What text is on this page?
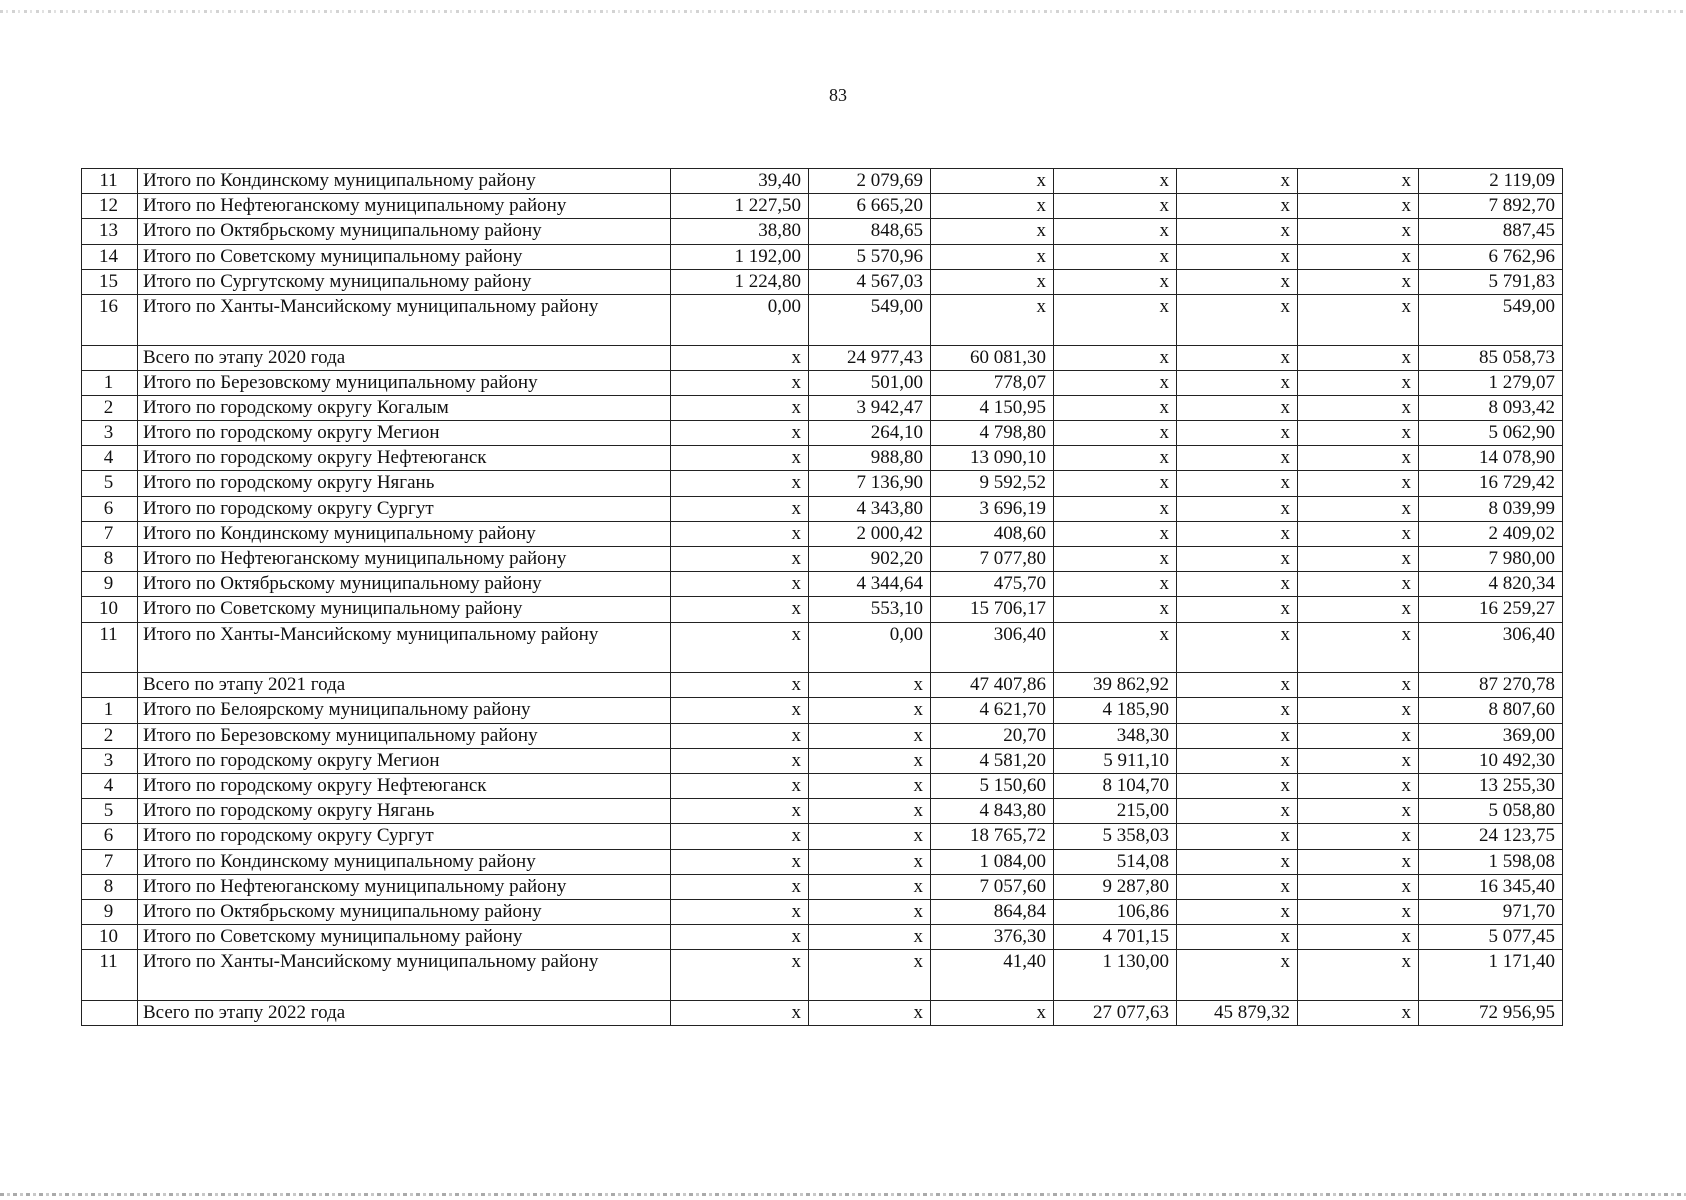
83
11	Итого по Кондинскому муниципальному району	39,40	2 079,69	х	х	х	х	2 119,09
12	Итого по Нефтеюганскому муниципальному району	1 227,50	6 665,20	х	х	х	х	7 892,70
13	Итого по Октябрьскому муниципальному району	38,80	848,65	х	х	х	х	887,45
14	Итого по Советскому муниципальному району	1 192,00	5 570,96	х	х	х	х	6 762,96
15	Итого по Сургутскому муниципальному району	1 224,80	4 567,03	х	х	х	х	5 791,83
16	Итого по Ханты-Мансийскому муниципальному району	0,00	549,00	х	х	х	х	549,00
	Всего по этапу 2020 года	х	24 977,43	60 081,30	х	х	х	85 058,73
1	Итого по Березовскому муниципальному району	х	501,00	778,07	х	х	х	1 279,07
2	Итого по городскому округу Когалым	х	3 942,47	4 150,95	х	х	х	8 093,42
3	Итого по городскому округу Мегион	х	264,10	4 798,80	х	х	х	5 062,90
4	Итого по городскому округу Нефтеюганск	х	988,80	13 090,10	х	х	х	14 078,90
5	Итого по городскому округу Нягань	х	7 136,90	9 592,52	х	х	х	16 729,42
6	Итого по городскому округу Сургут	х	4 343,80	3 696,19	х	х	х	8 039,99
7	Итого по Кондинскому муниципальному району	х	2 000,42	408,60	х	х	х	2 409,02
8	Итого по Нефтеюганскому муниципальному району	х	902,20	7 077,80	х	х	х	7 980,00
9	Итого по Октябрьскому муниципальному району	х	4 344,64	475,70	х	х	х	4 820,34
10	Итого по Советскому муниципальному району	х	553,10	15 706,17	х	х	х	16 259,27
11	Итого по Ханты-Мансийскому муниципальному району	х	0,00	306,40	х	х	х	306,40
	Всего по этапу 2021 года	х	х	47 407,86	39 862,92	х	х	87 270,78
1	Итого по Белоярскому муниципальному району	х	х	4 621,70	4 185,90	х	х	8 807,60
2	Итого по Березовскому муниципальному району	х	х	20,70	348,30	х	х	369,00
3	Итого по городскому округу Мегион	х	х	4 581,20	5 911,10	х	х	10 492,30
4	Итого по городскому округу Нефтеюганск	х	х	5 150,60	8 104,70	х	х	13 255,30
5	Итого по городскому округу Нягань	х	х	4 843,80	215,00	х	х	5 058,80
6	Итого по городскому округу Сургут	х	х	18 765,72	5 358,03	х	х	24 123,75
7	Итого по Кондинскому муниципальному району	х	х	1 084,00	514,08	х	х	1 598,08
8	Итого по Нефтеюганскому муниципальному району	х	х	7 057,60	9 287,80	х	х	16 345,40
9	Итого по Октябрьскому муниципальному району	х	х	864,84	106,86	х	х	971,70
10	Итого по Советскому муниципальному району	х	х	376,30	4 701,15	х	х	5 077,45
11	Итого по Ханты-Мансийскому муниципальному району	х	х	41,40	1 130,00	х	х	1 171,40
	Всего по этапу 2022 года	х	х	х	27 077,63	45 879,32	х	72 956,95
